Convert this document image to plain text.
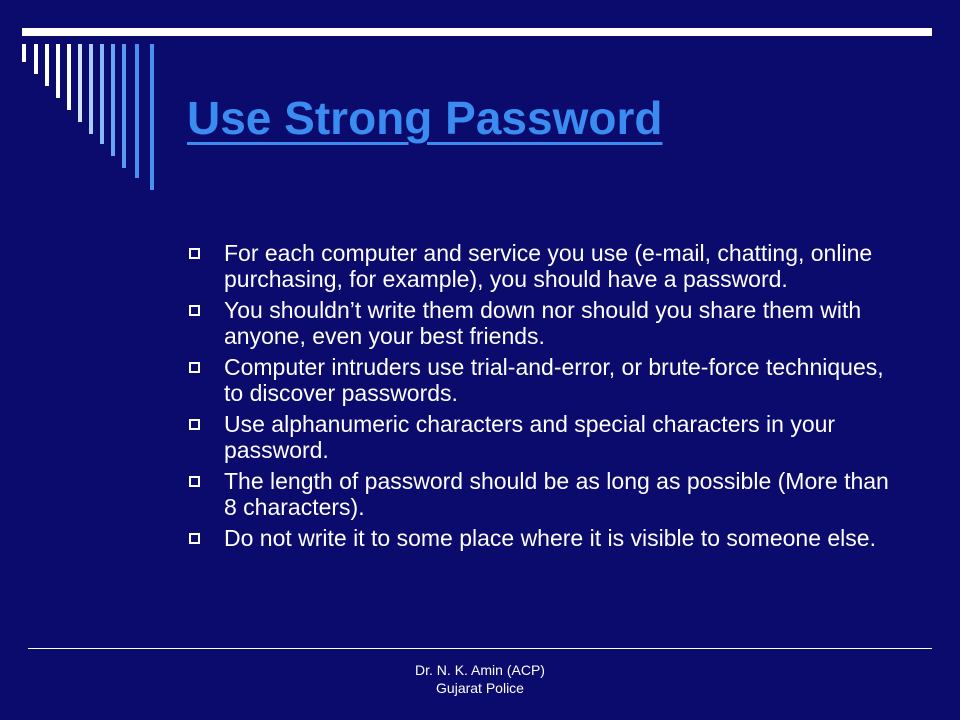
Use Strong Password
For each computer and service you use (e-mail, chatting, online purchasing, for example), you should have a password.
You shouldn’t write them down nor should you share them with anyone, even your best friends.
Computer intruders use trial-and-error, or brute-force techniques, to discover passwords.
Use alphanumeric characters and special characters in your password.
The length of password should be as long as possible (More than 8 characters).
Do not write it to some place where it is visible to someone else.
Dr. N. K. Amin (ACP)
Gujarat Police
